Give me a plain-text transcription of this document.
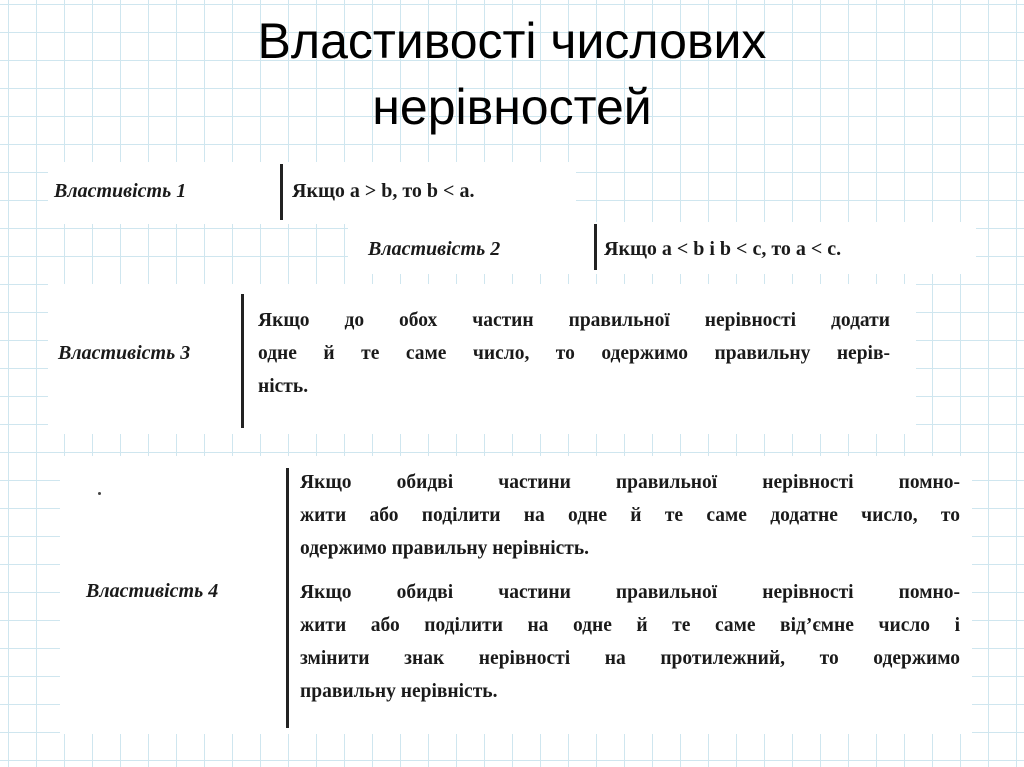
Властивості числових
нерівностей
Властивість 1	Якщо a > b, то b < a.
Властивість 2	Якщо a < b і b < c, то a < c.
Властивість 3
Якщо до обох частин правильної нерівності додати
одне й те саме число, то одержимо правильну нерів-
ність.
Властивість 4
Якщо обидві частини правильної нерівності помно-
жити або поділити на одне й те саме додатне число, то
одержимо правильну нерівність.
Якщо обидві частини правильної нерівності помно-
жити або поділити на одне й те саме від’ємне число і
змінити знак нерівності на протилежний, то одержимо
правильну нерівність.
